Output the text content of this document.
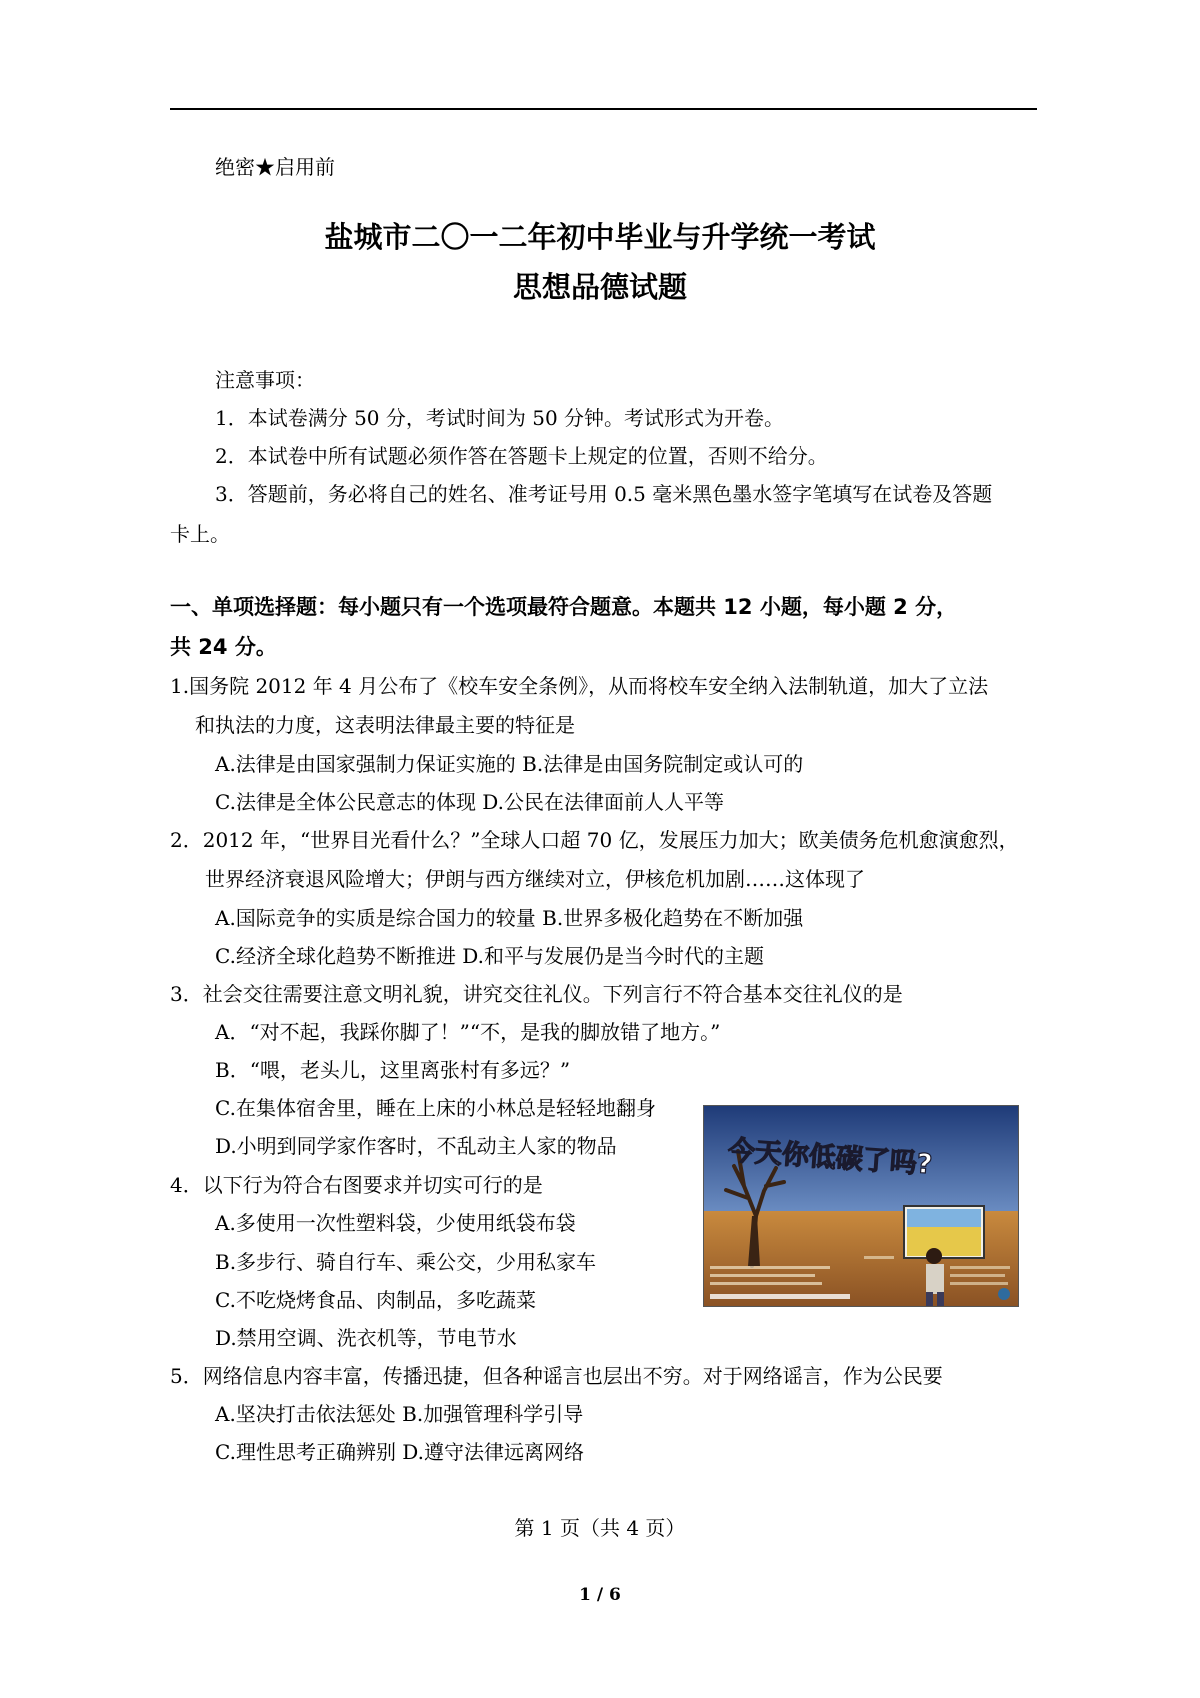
绝密★启用前
盐城市二〇一二年初中毕业与升学统一考试
思想品德试题
注意事项：
1．本试卷满分 50 分，考试时间为 50 分钟。考试形式为开卷。
2．本试卷中所有试题必须作答在答题卡上规定的位置，否则不给分。
3．答题前，务必将自己的姓名、准考证号用 0.5 毫米黑色墨水签字笔填写在试卷及答题
卡上。
一、单项选择题：每小题只有一个选项最符合题意。本题共 12 小题，每小题 2 分，
共 24 分。
1.国务院 2012 年 4 月公布了《校车安全条例》，从而将校车安全纳入法制轨道，加大了立法
和执法的力度，这表明法律最主要的特征是
A.法律是由国家强制力保证实施的 B.法律是由国务院制定或认可的
C.法律是全体公民意志的体现 D.公民在法律面前人人平等
2．2012 年，“世界目光看什么？”全球人口超 70 亿，发展压力加大；欧美债务危机愈演愈烈，
世界经济衰退风险增大；伊朗与西方继续对立，伊核危机加剧……这体现了
A.国际竞争的实质是综合国力的较量 B.世界多极化趋势在不断加强
C.经济全球化趋势不断推进 D.和平与发展仍是当今时代的主题
3．社会交往需要注意文明礼貌，讲究交往礼仪。下列言行不符合基本交往礼仪的是
A．“对不起，我踩你脚了！”“不，是我的脚放错了地方。”
B．“喂，老头儿，这里离张村有多远？”
C.在集体宿舍里，睡在上床的小林总是轻轻地翻身
D.小明到同学家作客时，不乱动主人家的物品
4．以下行为符合右图要求并切实可行的是
A.多使用一次性塑料袋，少使用纸袋布袋
B.多步行、骑自行车、乘公交，少用私家车
C.不吃烧烤食品、肉制品，多吃蔬菜
D.禁用空调、洗衣机等，节电节水
5．网络信息内容丰富，传播迅捷，但各种谣言也层出不穷。对于网络谣言，作为公民要
A.坚决打击依法惩处 B.加强管理科学引导
C.理性思考正确辨别 D.遵守法律远离网络
今天你低碳了吗?
第 1 页（共 4 页）
1 / 6
